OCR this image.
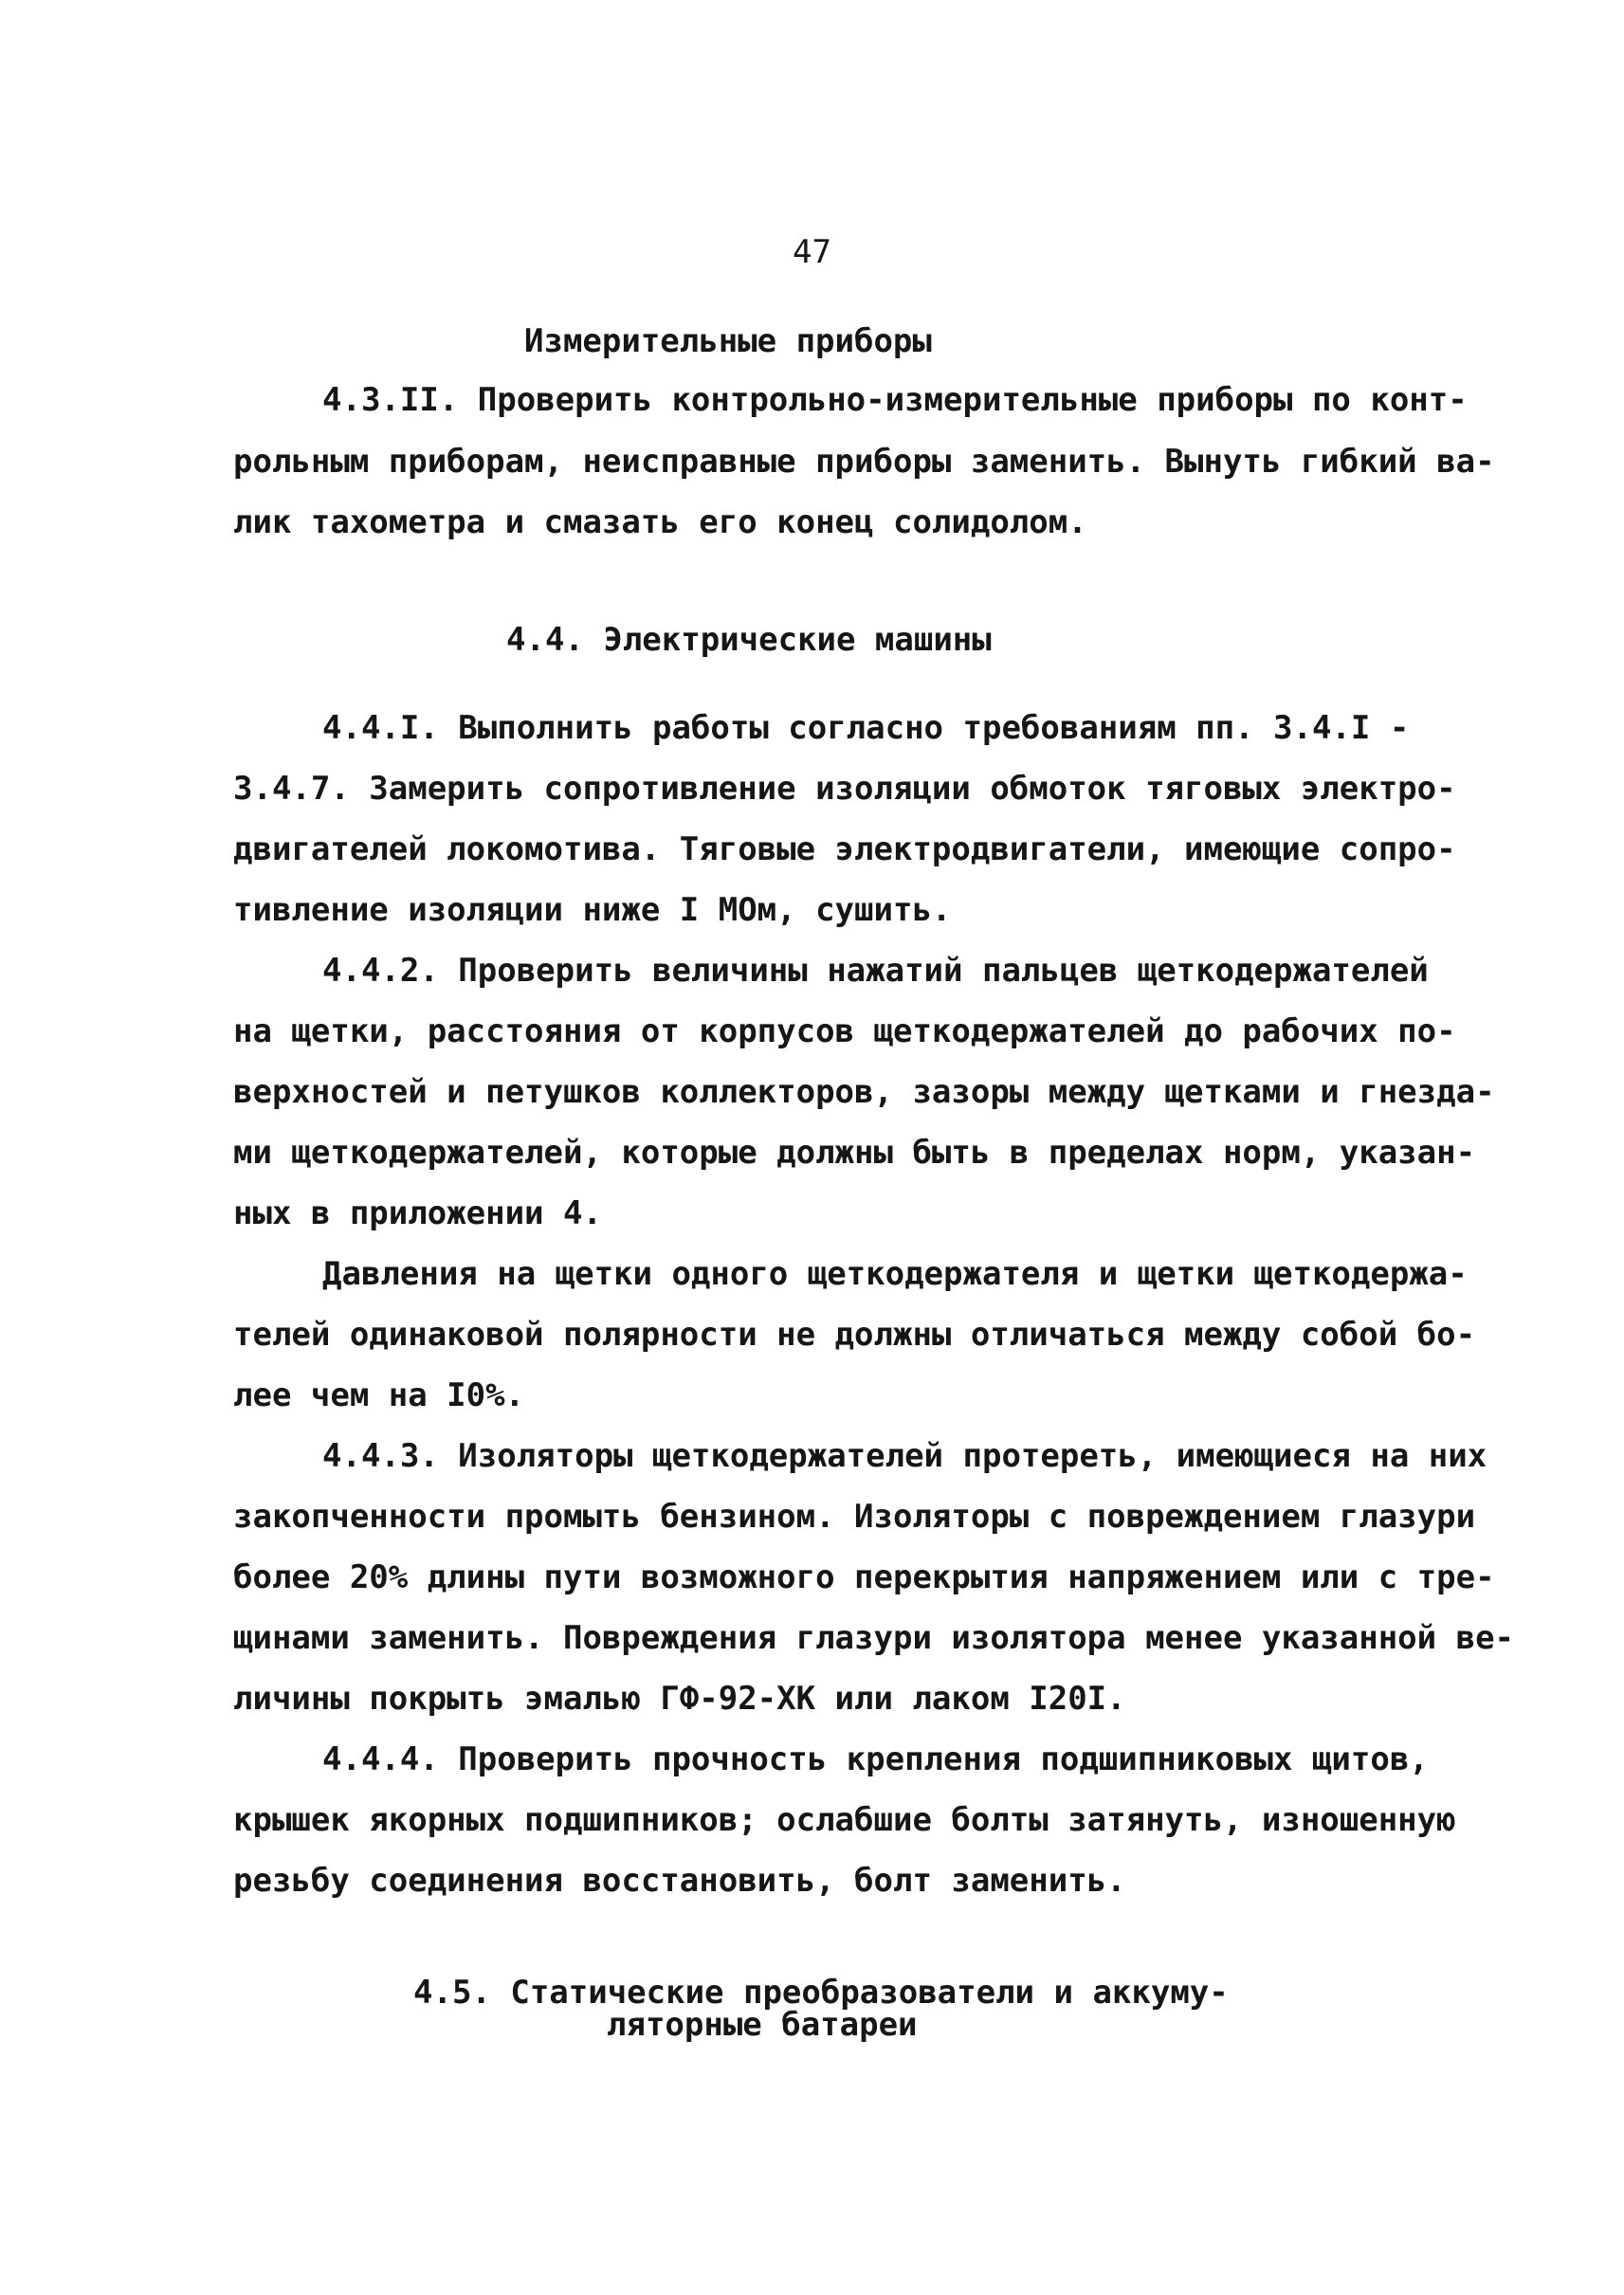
47
Измерительные приборы
4.3.II. Проверить контрольно-измерительные приборы по конт-
рольным приборам, неисправные приборы заменить. Вынуть гибкий ва-
лик тахометра и смазать его конец солидолом.
4.4. Электрические машины
4.4.I. Выполнить работы согласно требованиям пп. 3.4.I -
3.4.7. Замерить сопротивление изоляции обмоток тяговых электро-
двигателей локомотива. Тяговые электродвигатели, имеющие сопро-
тивление изоляции ниже I МОм, сушить.
4.4.2. Проверить величины нажатий пальцев щеткодержателей
на щетки, расстояния от корпусов щеткодержателей до рабочих по-
верхностей и петушков коллекторов, зазоры между щетками и гнезда-
ми щеткодержателей, которые должны быть в пределах норм, указан-
ных в приложении 4.
Давления на щетки одного щеткодержателя и щетки щеткодержа-
телей одинаковой полярности не должны отличаться между собой бо-
лее чем на I0%.
4.4.3. Изоляторы щеткодержателей протереть, имеющиеся на них
закопченности промыть бензином. Изоляторы с повреждением глазури
более 20% длины пути возможного перекрытия напряжением или с тре-
щинами заменить. Повреждения глазури изолятора менее указанной ве-
личины покрыть эмалью ГФ-92-ХК или лаком I20I.
4.4.4. Проверить прочность крепления подшипниковых щитов,
крышек якорных подшипников; ослабшие болты затянуть, изношенную
резьбу соединения восстановить, болт заменить.
4.5. Статические преобразователи и аккуму-
ляторные батареи
